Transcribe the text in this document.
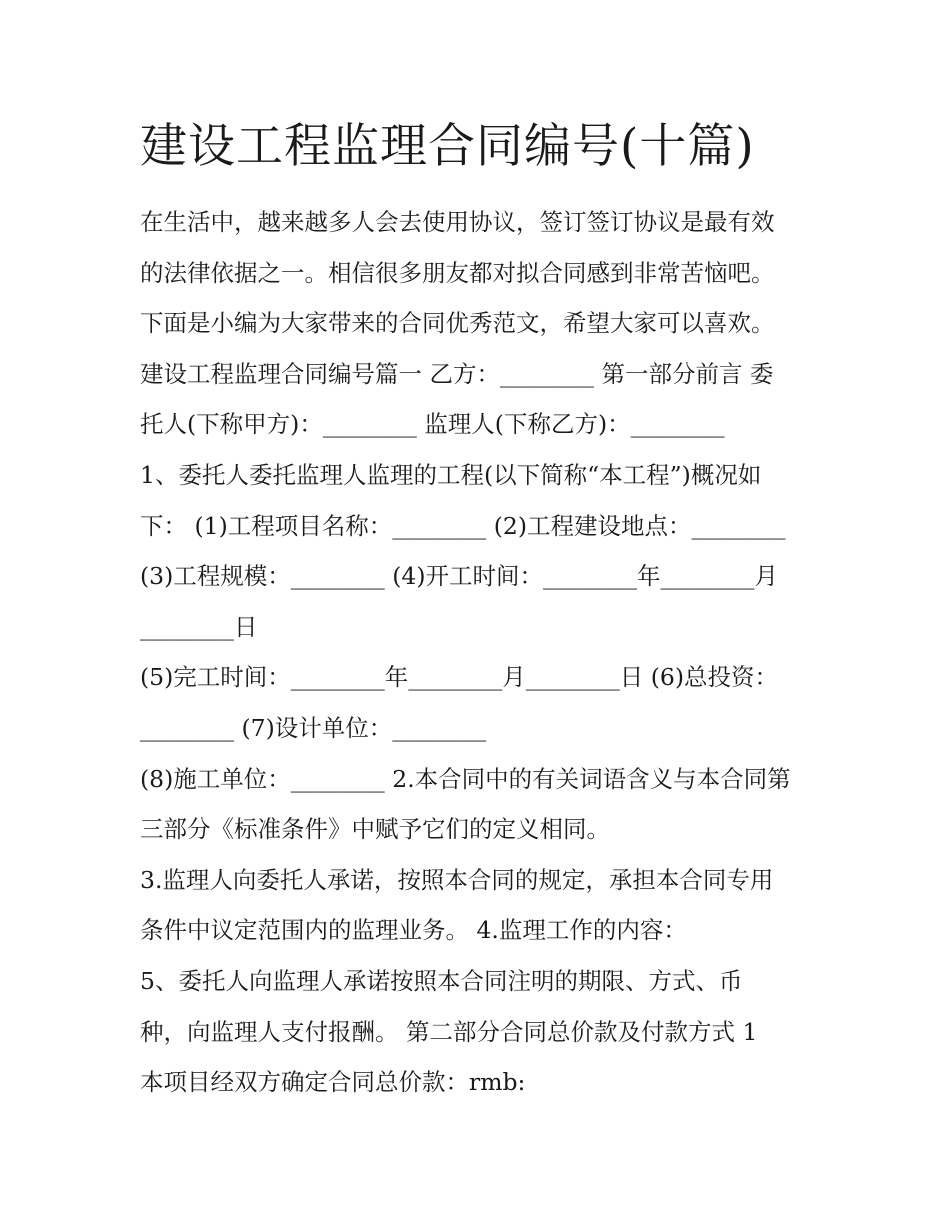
建设工程监理合同编号(十篇)
在生活中，越来越多人会去使用协议，签订签订协议是最有效
的法律依据之一。相信很多朋友都对拟合同感到非常苦恼吧。
下面是小编为大家带来的合同优秀范文，希望大家可以喜欢。
建设工程监理合同编号篇一 乙方：________ 第一部分前言 委
托人(下称甲方)：________ 监理人(下称乙方)：________
1、委托人委托监理人监理的工程(以下简称“本工程”)概况如
下： (1)工程项目名称：________ (2)工程建设地点：________
(3)工程规模：________ (4)开工时间：________年________月
________日
(5)完工时间：________年________月________日 (6)总投资：
________ (7)设计单位：________
(8)施工单位：________ 2.本合同中的有关词语含义与本合同第
三部分《标准条件》中赋予它们的定义相同。
3.监理人向委托人承诺，按照本合同的规定，承担本合同专用
条件中议定范围内的监理业务。 4.监理工作的内容：
5、委托人向监理人承诺按照本合同注明的期限、方式、币
种，向监理人支付报酬。 第二部分合同总价款及付款方式 1
本项目经双方确定合同总价款：rmb:
